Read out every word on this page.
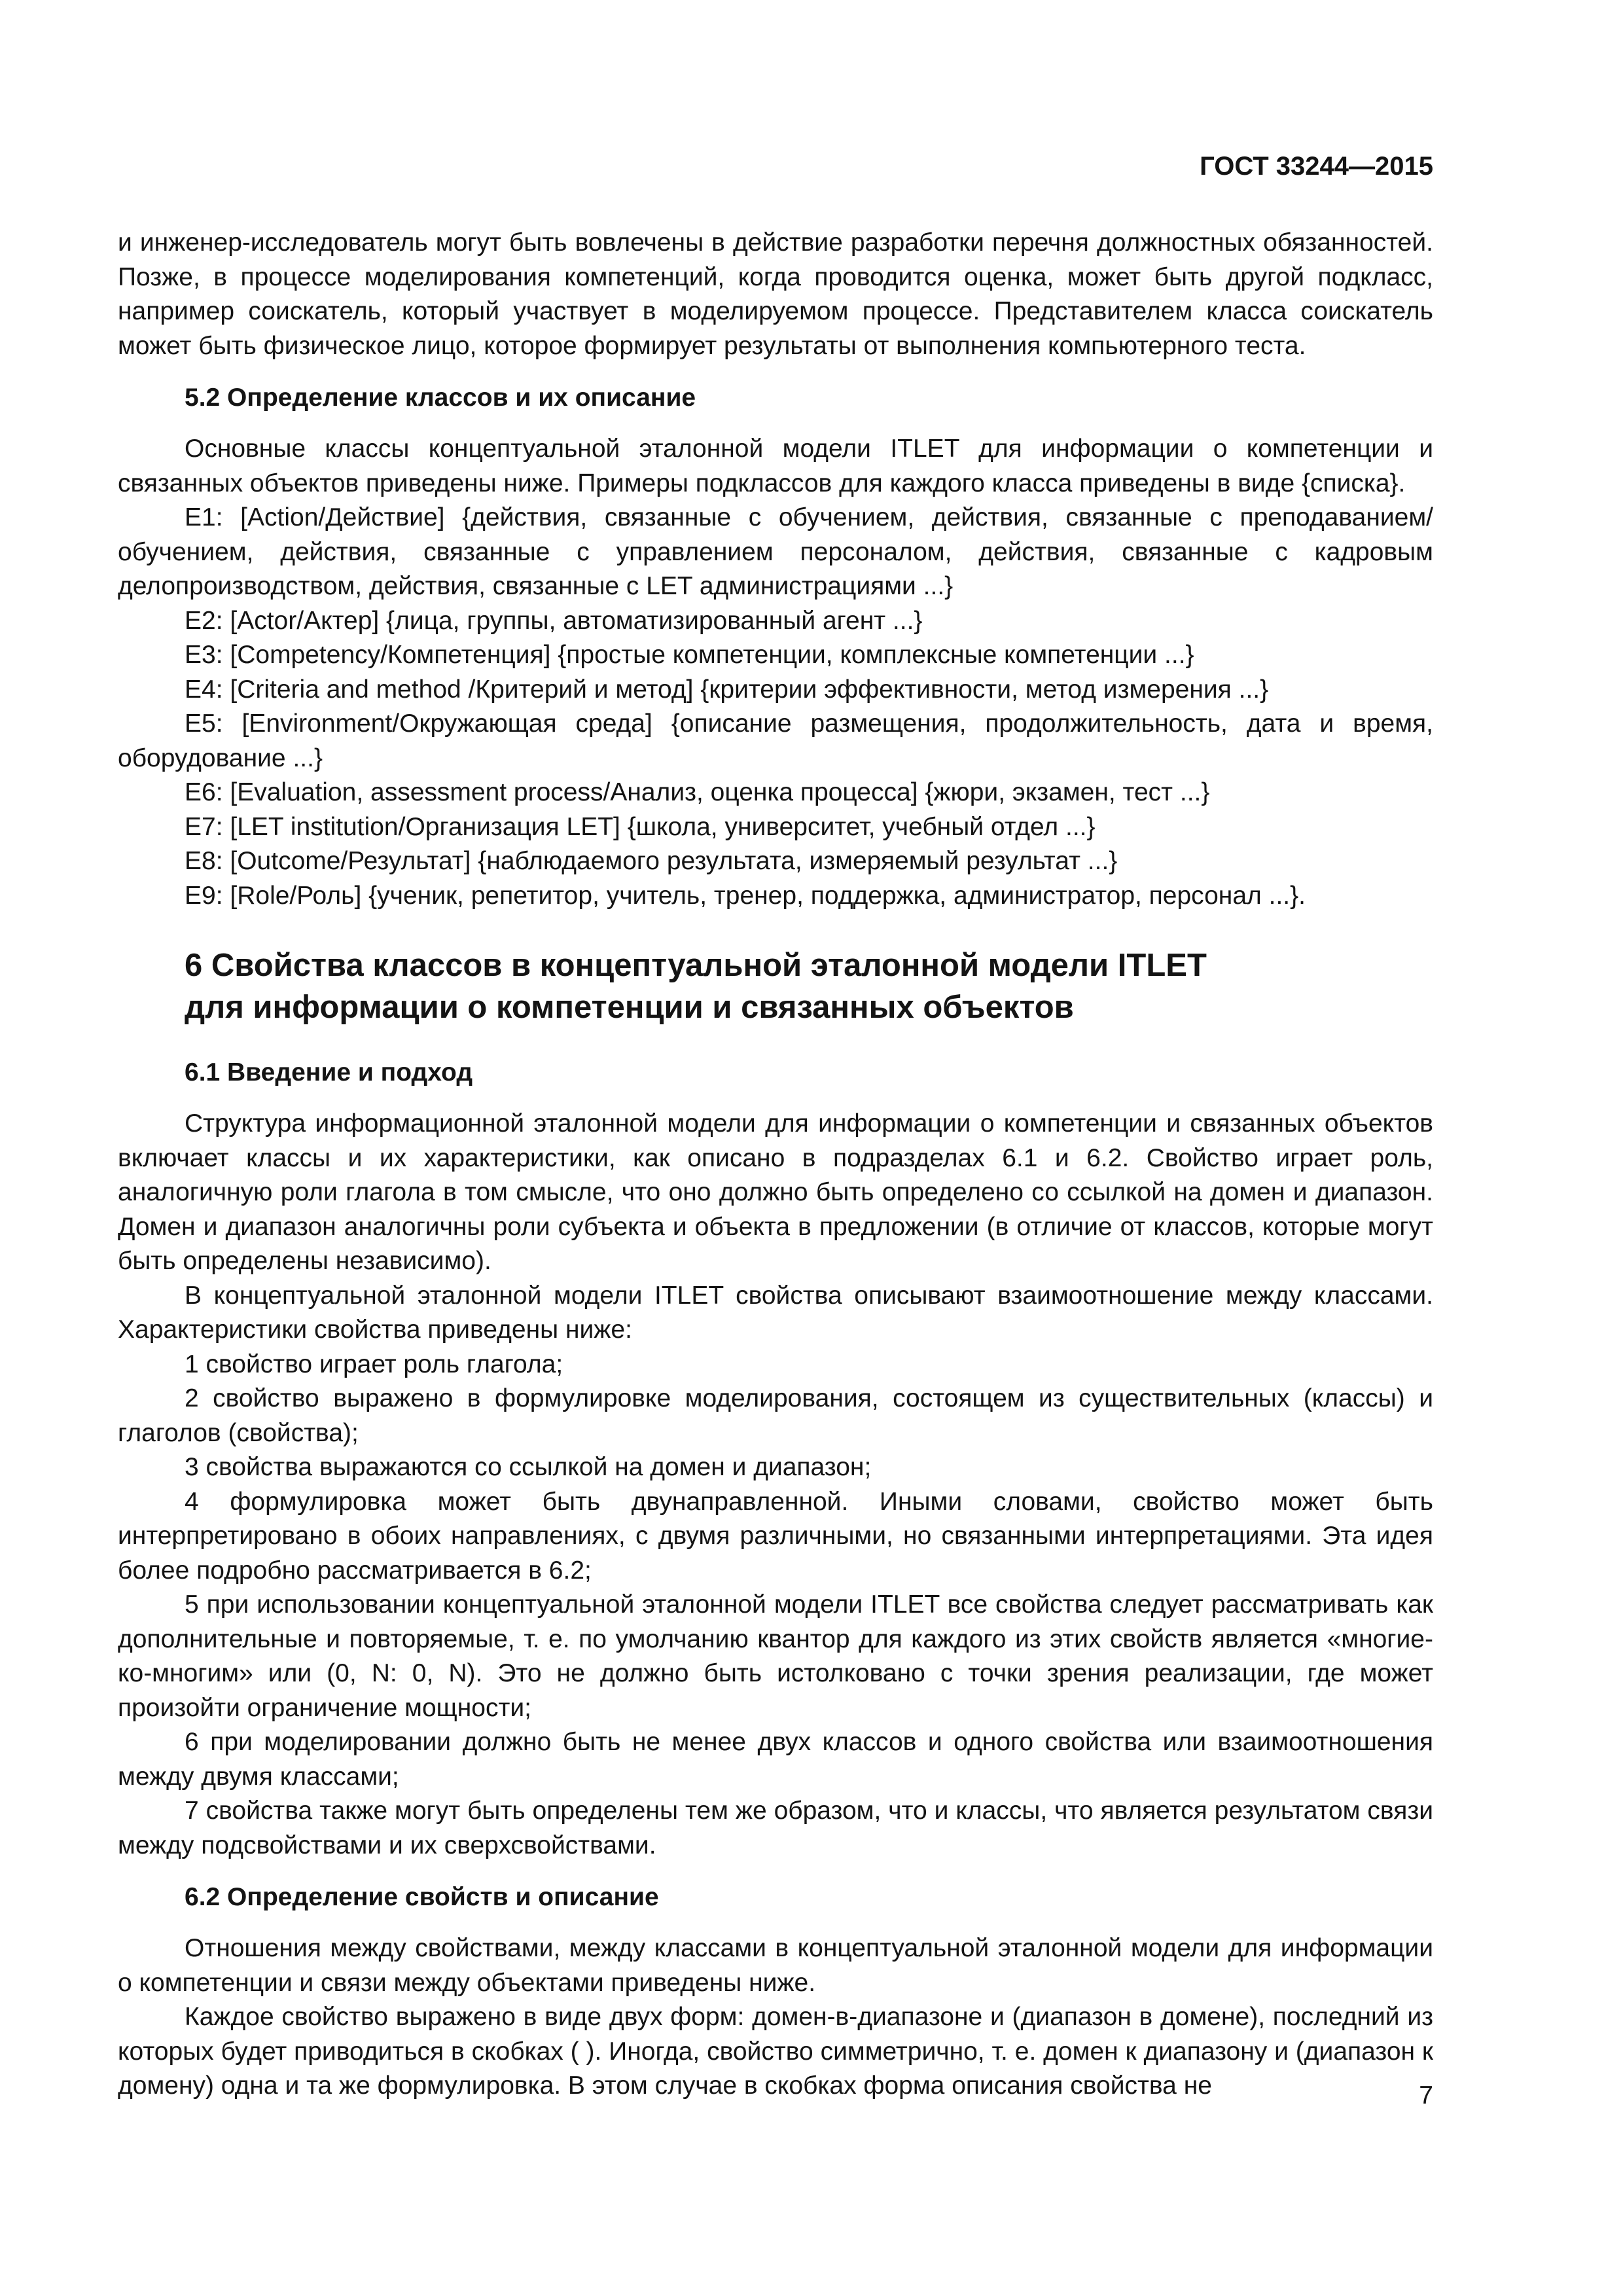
ГОСТ 33244—2015

и инженер-исследователь могут быть вовлечены в действие разработки перечня должностных обязанностей. Позже, в процессе моделирования компетенций, когда проводится оценка, может быть другой подкласс, например соискатель, который участвует в моделируемом процессе. Представителем класса соискатель может быть физическое лицо, которое формирует результаты от выполнения компьютерного теста.

5.2 Определение классов и их описание

Основные классы концептуальной эталонной модели ITLET для информации о компетенции и связанных объектов приведены ниже. Примеры подклассов для каждого класса приведены в виде {списка}.

E1: [Action/Действие] {действия, связанные с обучением, действия, связанные с преподаванием/обучением, действия, связанные с управлением персоналом, действия, связанные с кадровым делопроизводством, действия, связанные с LET администрациями ...}

E2: [Actor/Актер] {лица, группы, автоматизированный агент ...}

E3: [Competency/Компетенция] {простые компетенции, комплексные компетенции ...}

E4: [Criteria and method /Критерий и метод] {критерии эффективности, метод измерения ...}

E5: [Environment/Окружающая среда] {описание размещения, продолжительность, дата и время, оборудование ...}

E6: [Evaluation, assessment process/Анализ, оценка процесса] {жюри, экзамен, тест ...}

E7: [LET institution/Организация LET] {школа, университет, учебный отдел ...}

E8: [Outcome/Результат] {наблюдаемого результата, измеряемый результат ...}

E9: [Role/Роль] {ученик, репетитор, учитель, тренер, поддержка, администратор, персонал ...}.

6 Свойства классов в концептуальной эталонной модели ITLET
для информации о компетенции и связанных объектов
6.1 Введение и подход

Структура информационной эталонной модели для информации о компетенции и связанных объектов включает классы и их характеристики, как описано в подразделах 6.1 и 6.2. Свойство играет роль, аналогичную роли глагола в том смысле, что оно должно быть определено со ссылкой на домен и диапазон. Домен и диапазон аналогичны роли субъекта и объекта в предложении (в отличие от классов, которые могут быть определены независимо).

В концептуальной эталонной модели ITLET свойства описывают взаимоотношение между классами. Характеристики свойства приведены ниже:

1 свойство играет роль глагола;

2 свойство выражено в формулировке моделирования, состоящем из существительных (классы) и глаголов (свойства);

3 свойства выражаются со ссылкой на домен и диапазон;

4 формулировка может быть двунаправленной. Иными словами, свойство может быть интерпретировано в обоих направлениях, с двумя различными, но связанными интерпретациями. Эта идея более подробно рассматривается в 6.2;

5 при использовании концептуальной эталонной модели ITLET все свойства следует рассматривать как дополнительные и повторяемые, т. е. по умолчанию квантор для каждого из этих свойств является «многие-ко-многим» или (0, N: 0, N). Это не должно быть истолковано с точки зрения реализации, где может произойти ограничение мощности;

6 при моделировании должно быть не менее двух классов и одного свойства или взаимоотношения между двумя классами;

7 свойства также могут быть определены тем же образом, что и классы, что является результатом связи между подсвойствами и их сверхсвойствами.

6.2 Определение свойств и описание

Отношения между свойствами, между классами в концептуальной эталонной модели для информации о компетенции и связи между объектами приведены ниже.

Каждое свойство выражено в виде двух форм: домен-в-диапазоне и (диапазон в домене), последний из которых будет приводиться в скобках ( ). Иногда, свойство симметрично, т. е. домен к диапазону и (диапазон к домену) одна и та же формулировка. В этом случае в скобках форма описания свойства не	7
